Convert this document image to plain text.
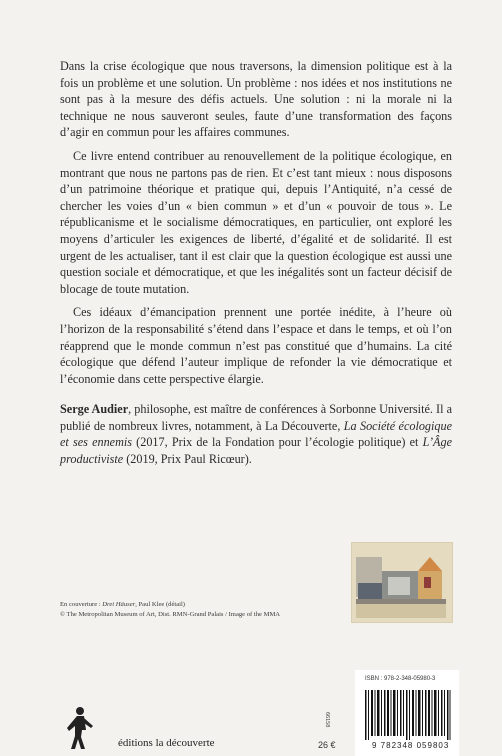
Dans la crise écologique que nous traversons, la dimension politique est à la fois un problème et une solution. Un problème : nos idées et nos institutions ne sont pas à la mesure des défis actuels. Une solution : ni la morale ni la technique ne nous sauveront seules, faute d’une transformation des façons d’agir en commun pour les affaires communes.

Ce livre entend contribuer au renouvellement de la politique écologique, en montrant que nous ne partons pas de rien. Et c’est tant mieux : nous disposons d’un patrimoine théorique et pratique qui, depuis l’Antiquité, n’a cessé de chercher les voies d’un « bien commun » et d’un « pouvoir de tous ». Le républicanisme et le socialisme démocratiques, en particulier, ont exploré les moyens d’articuler les exigences de liberté, d’égalité et de solidarité. Il est urgent de les actualiser, tant il est clair que la question écologique est aussi une question sociale et démocratique, et que les inégalités sont un facteur décisif de blocage de toute mutation.

Ces idéaux d’émancipation prennent une portée inédite, à l’heure où l’horizon de la responsabilité s’étend dans l’espace et dans le temps, et où l’on réapprend que le monde commun n’est pas constitué que d’humains. La cité écologique que défend l’auteur implique de refonder la vie démocratique et l’économie dans cette perspective élargie.

Serge Audier, philosophe, est maître de conférences à Sorbonne Université. Il a publié de nombreux livres, notamment, à La Découverte, La Société écologique et ses ennemis (2017, Prix de la Fondation pour l’écologie politique) et L’Âge productiviste (2019, Prix Paul Ricœur).

En couverture : Drei Häuser, Paul Klee (détail)
© The Metropolitan Museum of Art, Dist. RMN-Grand Palais / Image of the MMA
éditions la découverte	26 €
66158
ISBN : 978-2-348-05980-3
9 782348 059803
